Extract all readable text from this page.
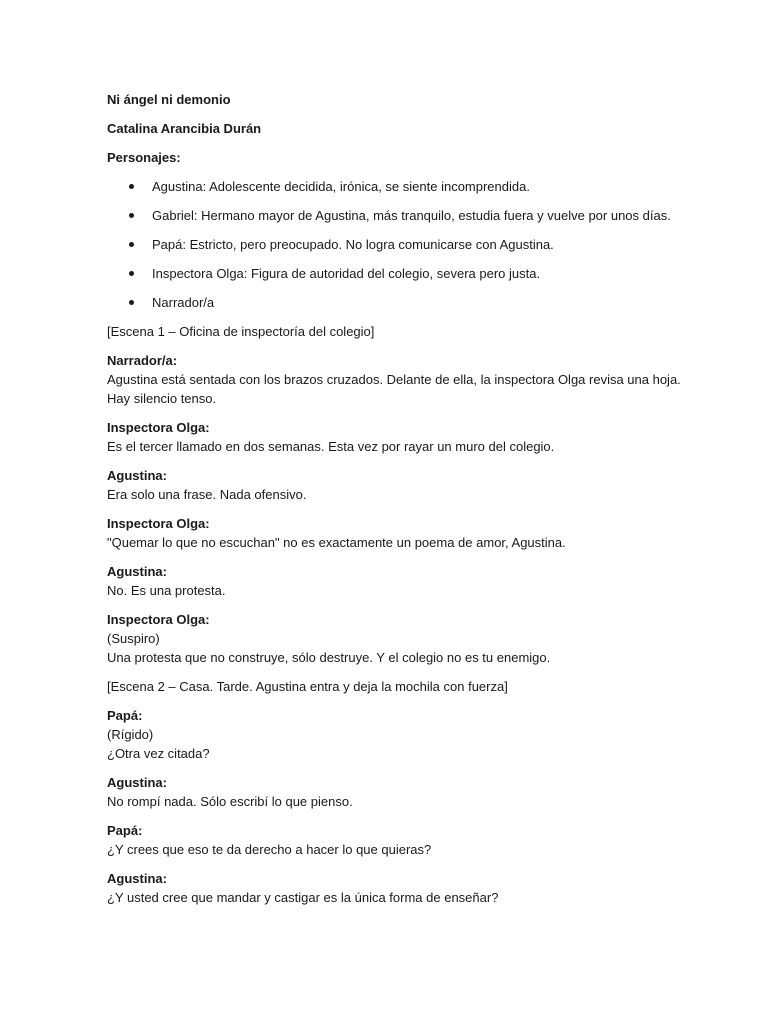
Ni ángel ni demonio
Catalina Arancibia Durán
Personajes:
Agustina: Adolescente decidida, irónica, se siente incomprendida.
Gabriel: Hermano mayor de Agustina, más tranquilo, estudia fuera y vuelve por unos días.
Papá: Estricto, pero preocupado. No logra comunicarse con Agustina.
Inspectora Olga: Figura de autoridad del colegio, severa pero justa.
Narrador/a
[Escena 1 – Oficina de inspectoría del colegio]
Narrador/a:
Agustina está sentada con los brazos cruzados. Delante de ella, la inspectora Olga revisa una hoja.
Hay silencio tenso.
Inspectora Olga:
Es el tercer llamado en dos semanas. Esta vez por rayar un muro del colegio.
Agustina:
Era solo una frase. Nada ofensivo.
Inspectora Olga:
"Quemar lo que no escuchan" no es exactamente un poema de amor, Agustina.
Agustina:
No. Es una protesta.
Inspectora Olga:
(Suspiro)
Una protesta que no construye, sólo destruye. Y el colegio no es tu enemigo.
[Escena 2 – Casa. Tarde. Agustina entra y deja la mochila con fuerza]
Papá:
(Rígido)
¿Otra vez citada?
Agustina:
No rompí nada. Sólo escribí lo que pienso.
Papá:
¿Y crees que eso te da derecho a hacer lo que quieras?
Agustina:
¿Y usted cree que mandar y castigar es la única forma de enseñar?
